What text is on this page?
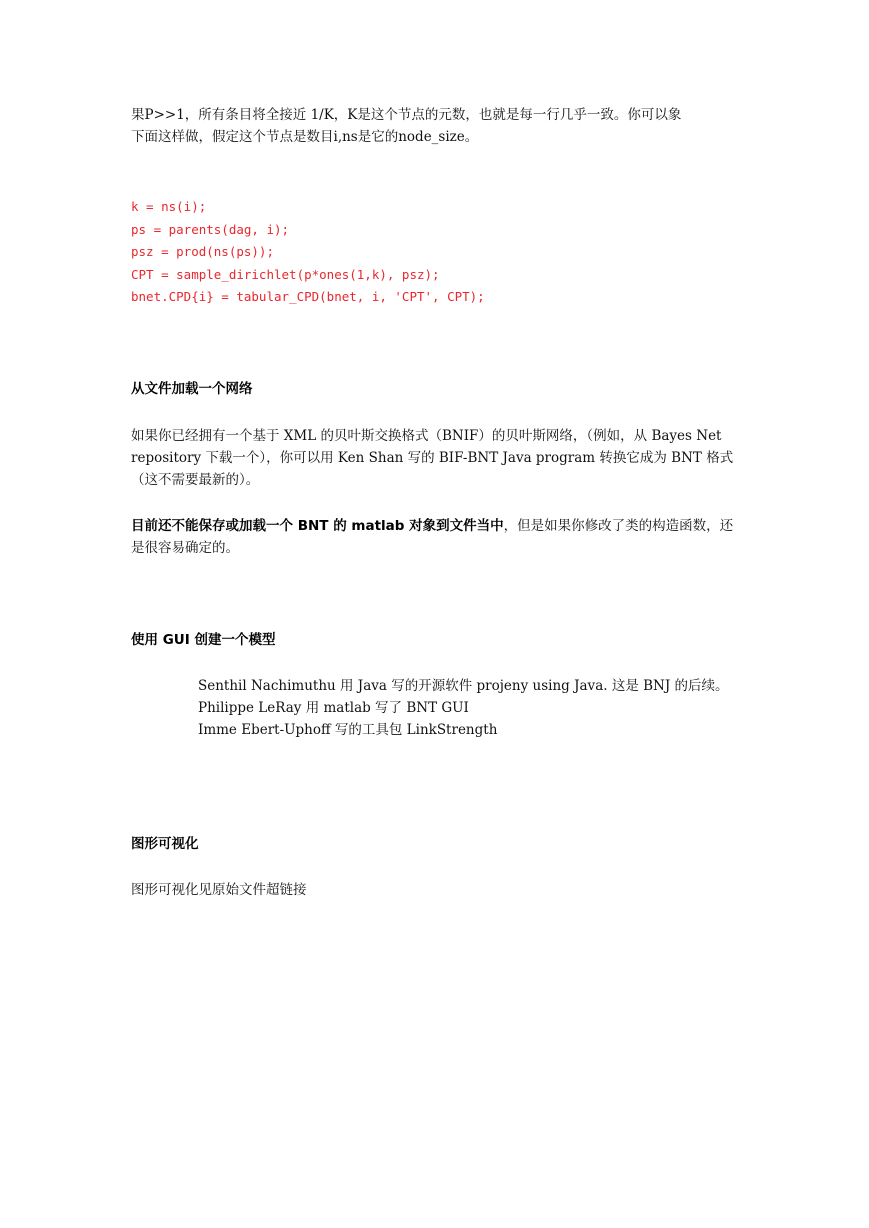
果P>>1，所有条目将全接近 1/K，K是这个节点的元数，也就是每一行几乎一致。你可以象
下面这样做，假定这个节点是数目i,ns是它的node_size。

k = ns(i);
ps = parents(dag, i);
psz = prod(ns(ps));
CPT = sample_dirichlet(p*ones(1,k), psz);
bnet.CPD{i} = tabular_CPD(bnet, i, 'CPT', CPT);
从文件加载一个网络

如果你已经拥有一个基于 XML 的贝叶斯交换格式（BNIF）的贝叶斯网络，（例如，从 Bayes Net repository 下载一个），你可以用 Ken Shan 写的 BIF-BNT Java program 转换它成为 BNT 格式（这不需要最新的）。

目前还不能保存或加载一个 BNT 的 matlab 对象到文件当中，但是如果你修改了类的构造函数，还是很容易确定的。

使用 GUI 创建一个模型

Senthil Nachimuthu 用 Java 写的开源软件 projeny using Java. 这是 BNJ 的后续。
Philippe LeRay 用 matlab 写了 BNT GUI
Imme Ebert-Uphoff 写的工具包 LinkStrength

图形可视化

图形可视化见原始文件超链接
